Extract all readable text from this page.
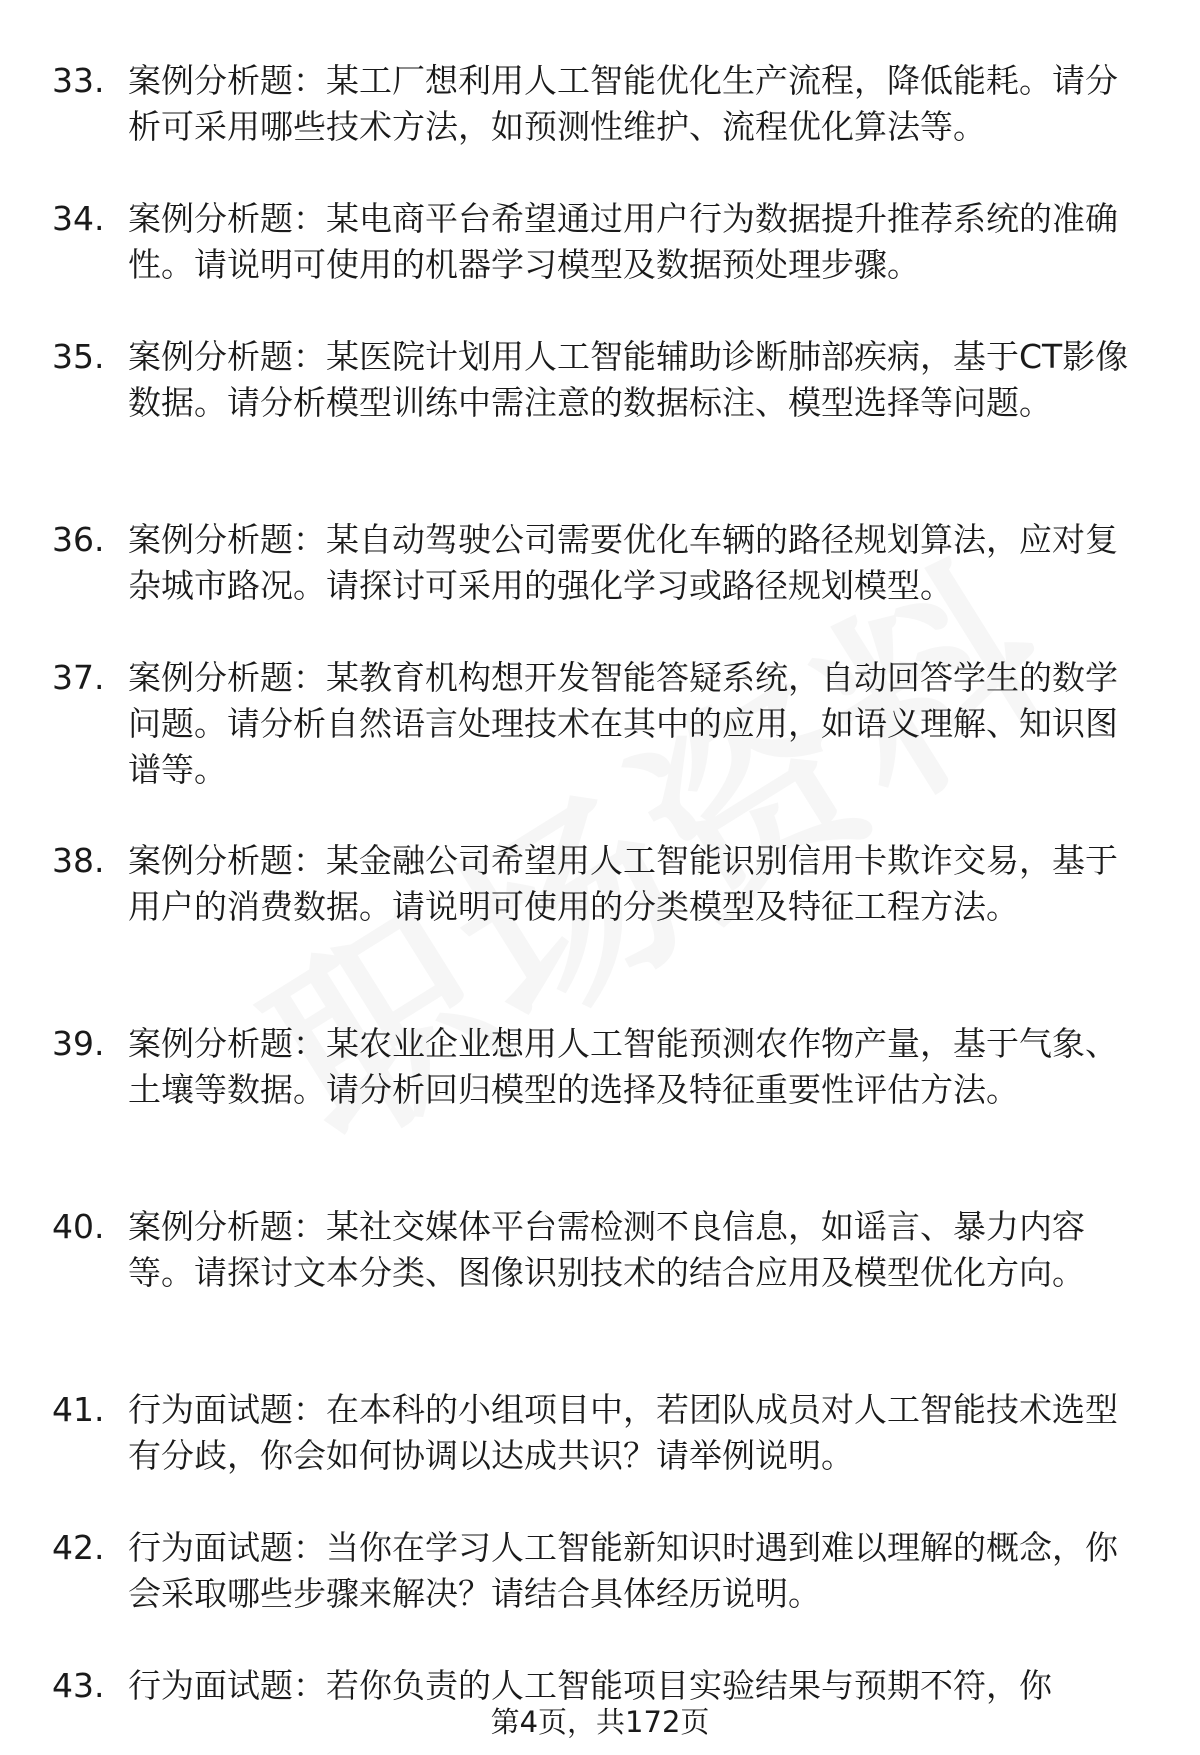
33. 案例分析题：某工厂想利用人工智能优化生产流程，降低能耗。请分析可采用哪些技术方法，如预测性维护、流程优化算法等。

34. 案例分析题：某电商平台希望通过用户行为数据提升推荐系统的准确性。请说明可使用的机器学习模型及数据预处理步骤。

35. 案例分析题：某医院计划用人工智能辅助诊断肺部疾病，基于CT影像数据。请分析模型训练中需注意的数据标注、模型选择等问题。

36. 案例分析题：某自动驾驶公司需要优化车辆的路径规划算法，应对复杂城市路况。请探讨可采用的强化学习或路径规划模型。

37. 案例分析题：某教育机构想开发智能答疑系统，自动回答学生的数学问题。请分析自然语言处理技术在其中的应用，如语义理解、知识图谱等。

38. 案例分析题：某金融公司希望用人工智能识别信用卡欺诈交易，基于用户的消费数据。请说明可使用的分类模型及特征工程方法。

39. 案例分析题：某农业企业想用人工智能预测农作物产量，基于气象、土壤等数据。请分析回归模型的选择及特征重要性评估方法。

40. 案例分析题：某社交媒体平台需检测不良信息，如谣言、暴力内容等。请探讨文本分类、图像识别技术的结合应用及模型优化方向。

41. 行为面试题：在本科的小组项目中，若团队成员对人工智能技术选型有分歧，你会如何协调以达成共识？请举例说明。

42. 行为面试题：当你在学习人工智能新知识时遇到难以理解的概念，你会采取哪些步骤来解决？请结合具体经历说明。

43. 行为面试题：若你负责的人工智能项目实验结果与预期不符，你

第4页，共172页
